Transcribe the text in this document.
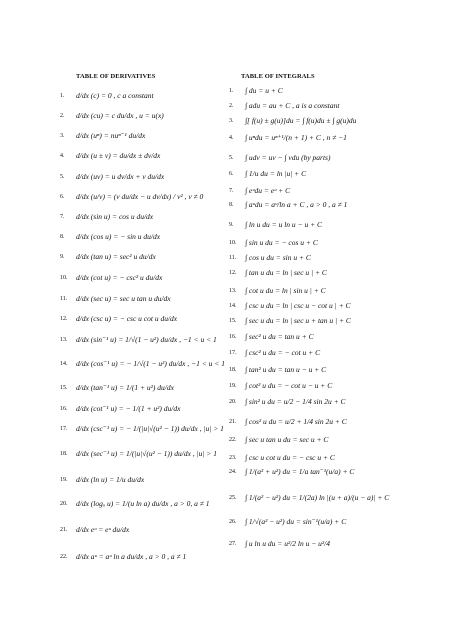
TABLE OF DERIVATIVES	TABLE OF INTEGRALS
1. d/dx (c) = 0 , c a constant
2. d/dx (cu) = c du/dx , u = u(x)
3. d/dx (uⁿ) = nuⁿ⁻¹ du/dx
4. d/dx (u ± v) = du/dx ± dv/dx
5. d/dx (uv) = u dv/dx + v du/dx
6. d/dx (u/v) = (v du/dx − u dv/dx) / v² , v ≠ 0
7. d/dx (sin u) = cos u du/dx
8. d/dx (cos u) = − sin u du/dx
9. d/dx (tan u) = sec² u du/dx
10. d/dx (cot u) = − csc² u du/dx
11. d/dx (sec u) = sec u tan u du/dx
12. d/dx (csc u) = − csc u cot u du/dx
13. d/dx (sin⁻¹ u) = 1/√(1 − u²) du/dx , −1 < u < 1
14. d/dx (cos⁻¹ u) = − 1/√(1 − u²) du/dx , −1 < u < 1
15. d/dx (tan⁻¹ u) = 1/(1 + u²) du/dx
16. d/dx (cot⁻¹ u) = − 1/(1 + u²) du/dx
17. d/dx (csc⁻¹ u) = − 1/(|u|√(u² − 1)) du/dx , |u| > 1
18. d/dx (sec⁻¹ u) = 1/(|u|√(u² − 1)) du/dx , |u| > 1
19. d/dx (ln u) = 1/u du/dx
20. d/dx (logₐ u) = 1/(u ln a) du/dx , a > 0, a ≠ 1
21. d/dx eᵘ = eᵘ du/dx
22. d/dx aᵘ = aᵘ ln a du/dx , a > 0 , a ≠ 1
1. ∫ du = u + C
2. ∫ adu = au + C , a is a constant
3. ∫[ f(u) ± g(u)]du = ∫ f(u)du ± ∫ g(u)du
4. ∫ uⁿdu = uⁿ⁺¹/(n + 1) + C , n ≠ −1
5. ∫ udv = uv − ∫ vdu (by parts)
6. ∫ 1/u du = ln |u| + C
7. ∫ eᵘdu = eᵘ + C
8. ∫ aᵘdu = aᵘ/ln a + C , a > 0 , a ≠ 1
9. ∫ ln u du = u ln u − u + C
10. ∫ sin u du = − cos u + C
11. ∫ cos u du = sin u + C
12. ∫ tan u du = ln | sec u | + C
13. ∫ cot u du = ln | sin u | + C
14. ∫ csc u du = ln | csc u − cot u | + C
15. ∫ sec u du = ln | sec u + tan u | + C
16. ∫ sec² u du = tan u + C
17. ∫ csc² u du = − cot u + C
18. ∫ tan² u du = tan u − u + C
19. ∫ cot² u du = − cot u − u + C
20. ∫ sin² u du = u/2 − 1/4 sin 2u + C
21. ∫ cos² u du = u/2 + 1/4 sin 2u + C
22. ∫ sec u tan u du = sec u + C
23. ∫ csc u cot u du = − csc u + C
24. ∫ 1/(a² + u²) du = 1/a tan⁻¹(u/a) + C
25. ∫ 1/(a² − u²) du = 1/(2a) ln |(u + a)/(u − a)| + C
26. ∫ 1/√(a² − u²) du = sin⁻¹(u/a) + C
27. ∫ u ln u du = u²/2 ln u − u²/4
